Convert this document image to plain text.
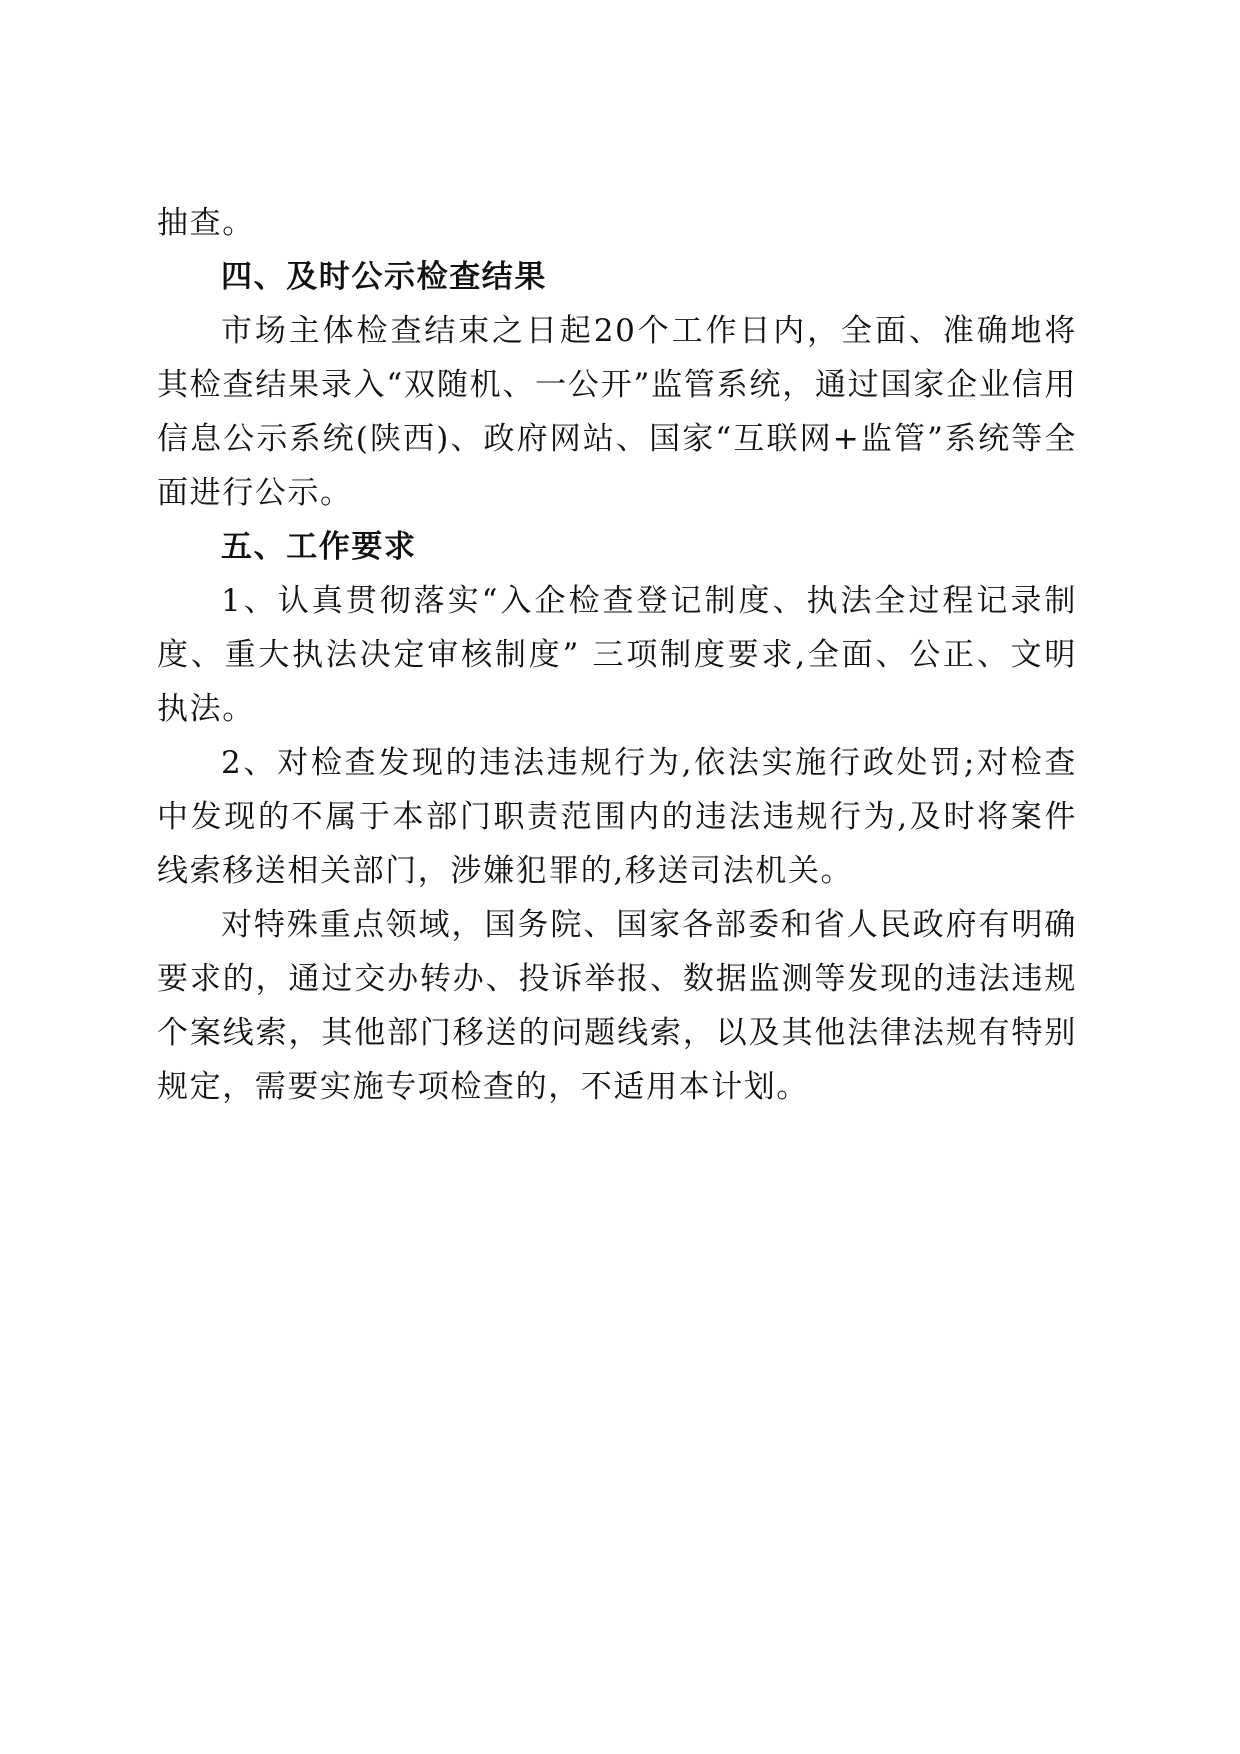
抽查。

四、及时公示检查结果

市场主体检查结束之日起20个工作日内，全面、准确地将其检查结果录入“双随机、一公开”监管系统，通过国家企业信用信息公示系统(陕西)、政府网站、国家“互联网+监管”系统等全面进行公示。

五、工作要求

1、认真贯彻落实“入企检查登记制度、执法全过程记录制度、重大执法决定审核制度” 三项制度要求,全面、公正、文明执法。

2、对检查发现的违法违规行为,依法实施行政处罚;对检查中发现的不属于本部门职责范围内的违法违规行为,及时将案件线索移送相关部门，涉嫌犯罪的,移送司法机关。

对特殊重点领域，国务院、国家各部委和省人民政府有明确要求的，通过交办转办、投诉举报、数据监测等发现的违法违规个案线索，其他部门移送的问题线索，以及其他法律法规有特别规定，需要实施专项检查的，不适用本计划。
